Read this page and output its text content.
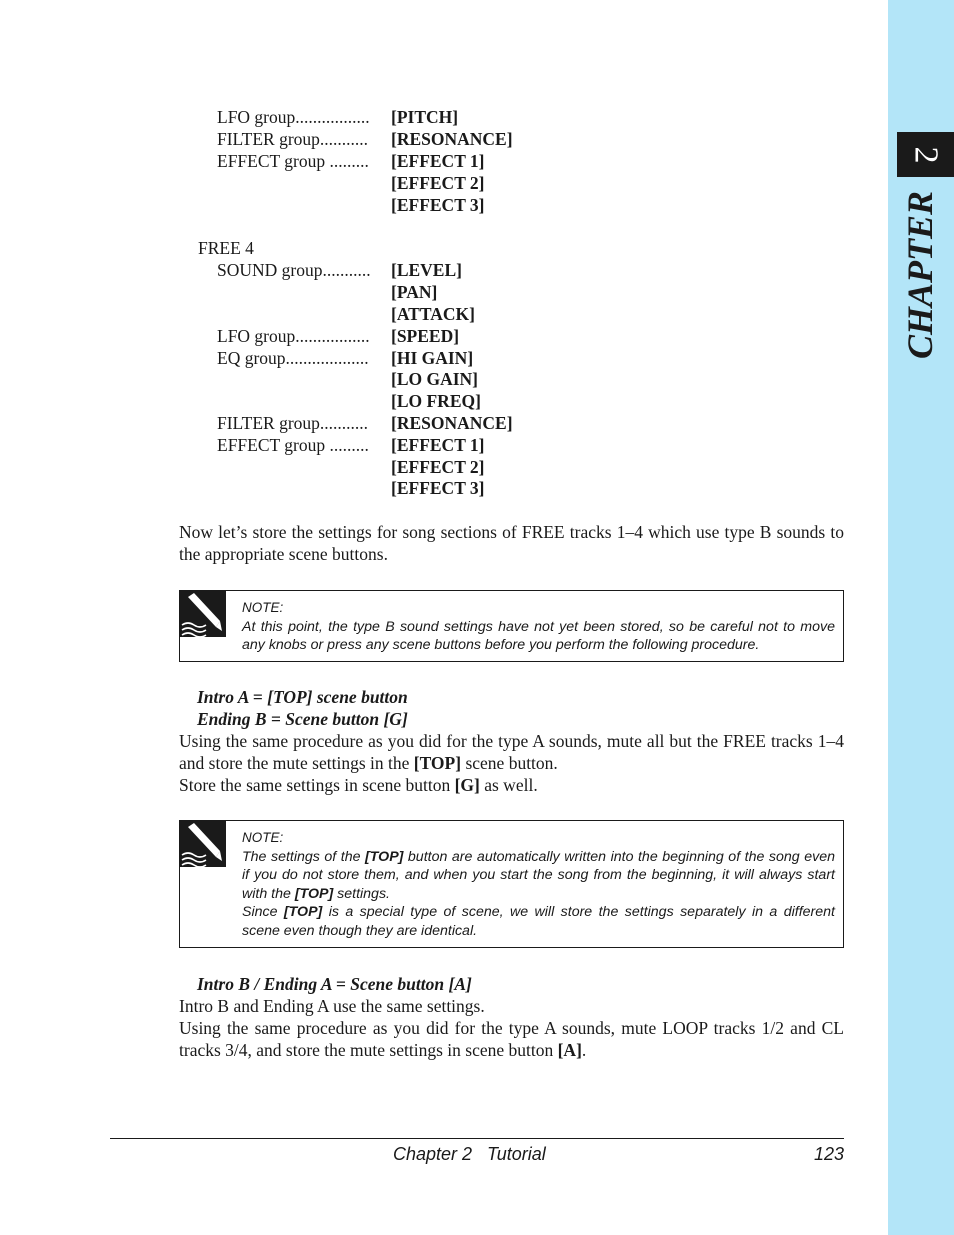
2
CHAPTER
LFO group................. [PITCH]
FILTER group........... [RESONANCE]
EFFECT group ......... [EFFECT 1]
[EFFECT 2]
[EFFECT 3]
FREE 4
SOUND group........... [LEVEL]
[PAN]
[ATTACK]
LFO group................. [SPEED]
EQ group................... [HI GAIN]
[LO GAIN]
[LO FREQ]
FILTER group........... [RESONANCE]
EFFECT group ......... [EFFECT 1]
[EFFECT 2]
[EFFECT 3]
Now let’s store the settings for song sections of FREE tracks 1–4 which use type B sounds to the appropriate scene buttons.
NOTE:
At this point, the type B sound settings have not yet been stored, so be careful not to move any knobs or press any scene buttons before you perform the following procedure.
Intro A = [TOP] scene button
Ending B = Scene button [G]
Using the same procedure as you did for the type A sounds, mute all but the FREE tracks 1–4 and store the mute settings in the [TOP] scene button.
Store the same settings in scene button [G] as well.
NOTE:
The settings of the [TOP] button are automatically written into the beginning of the song even if you do not store them, and when you start the song from the beginning, it will always start with the [TOP] settings.
Since [TOP] is a special type of scene, we will store the settings separately in a different scene even though they are identical.
Intro B / Ending A = Scene button [A]
Intro B and Ending A use the same settings.
Using the same procedure as you did for the type A sounds, mute LOOP tracks 1/2 and CL tracks 3/4, and store the mute settings in scene button [A].
Chapter 2   Tutorial	123
